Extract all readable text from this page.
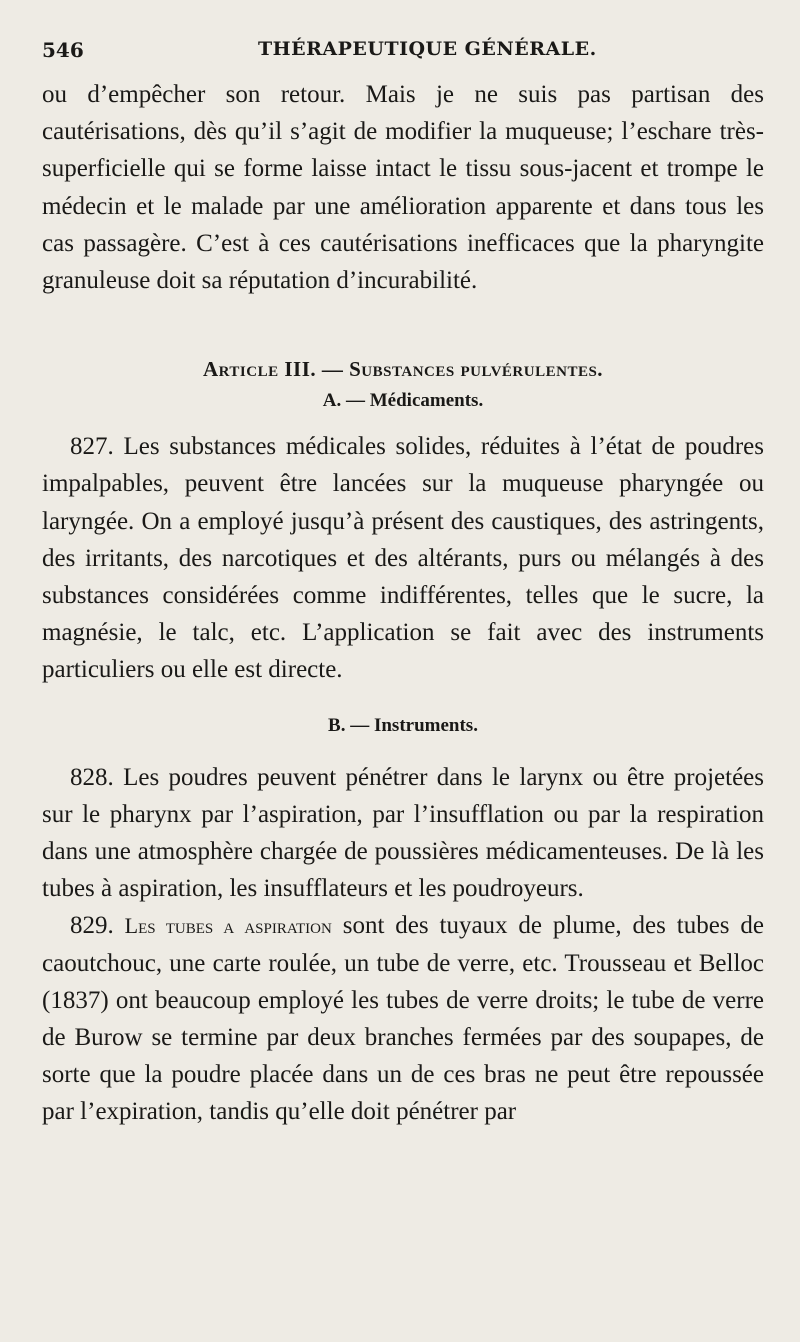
546	THÉRAPEUTIQUE GÉNÉRALE.

ou d’empêcher son retour. Mais je ne suis pas partisan des cautérisations, dès qu’il s’agit de modifier la muqueuse; l’eschare très-superficielle qui se forme laisse intact le tissu sous-jacent et trompe le médecin et le malade par une amélioration apparente et dans tous les cas passagère. C’est à ces cautérisations inefficaces que la pharyngite granuleuse doit sa réputation d’incurabilité.

Article III. — Substances pulvérulentes.
A. — Médicaments.

827. Les substances médicales solides, réduites à l’état de poudres impalpables, peuvent être lancées sur la muqueuse pharyngée ou laryngée. On a employé jusqu’à présent des caustiques, des astringents, des irritants, des narcotiques et des altérants, purs ou mélangés à des substances considérées comme indifférentes, telles que le sucre, la magnésie, le talc, etc. L’application se fait avec des instruments particuliers ou elle est directe.

B. — Instruments.

828. Les poudres peuvent pénétrer dans le larynx ou être projetées sur le pharynx par l’aspiration, par l’insufflation ou par la respiration dans une atmosphère chargée de poussières médicamenteuses. De là les tubes à aspiration, les insufflateurs et les poudroyeurs.

829. Les tubes a aspiration sont des tuyaux de plume, des tubes de caoutchouc, une carte roulée, un tube de verre, etc. Trousseau et Belloc (1837) ont beaucoup employé les tubes de verre droits; le tube de verre de Burow se termine par deux branches fermées par des soupapes, de sorte que la poudre placée dans un de ces bras ne peut être repoussée par l’expiration, tandis qu’elle doit pénétrer par
